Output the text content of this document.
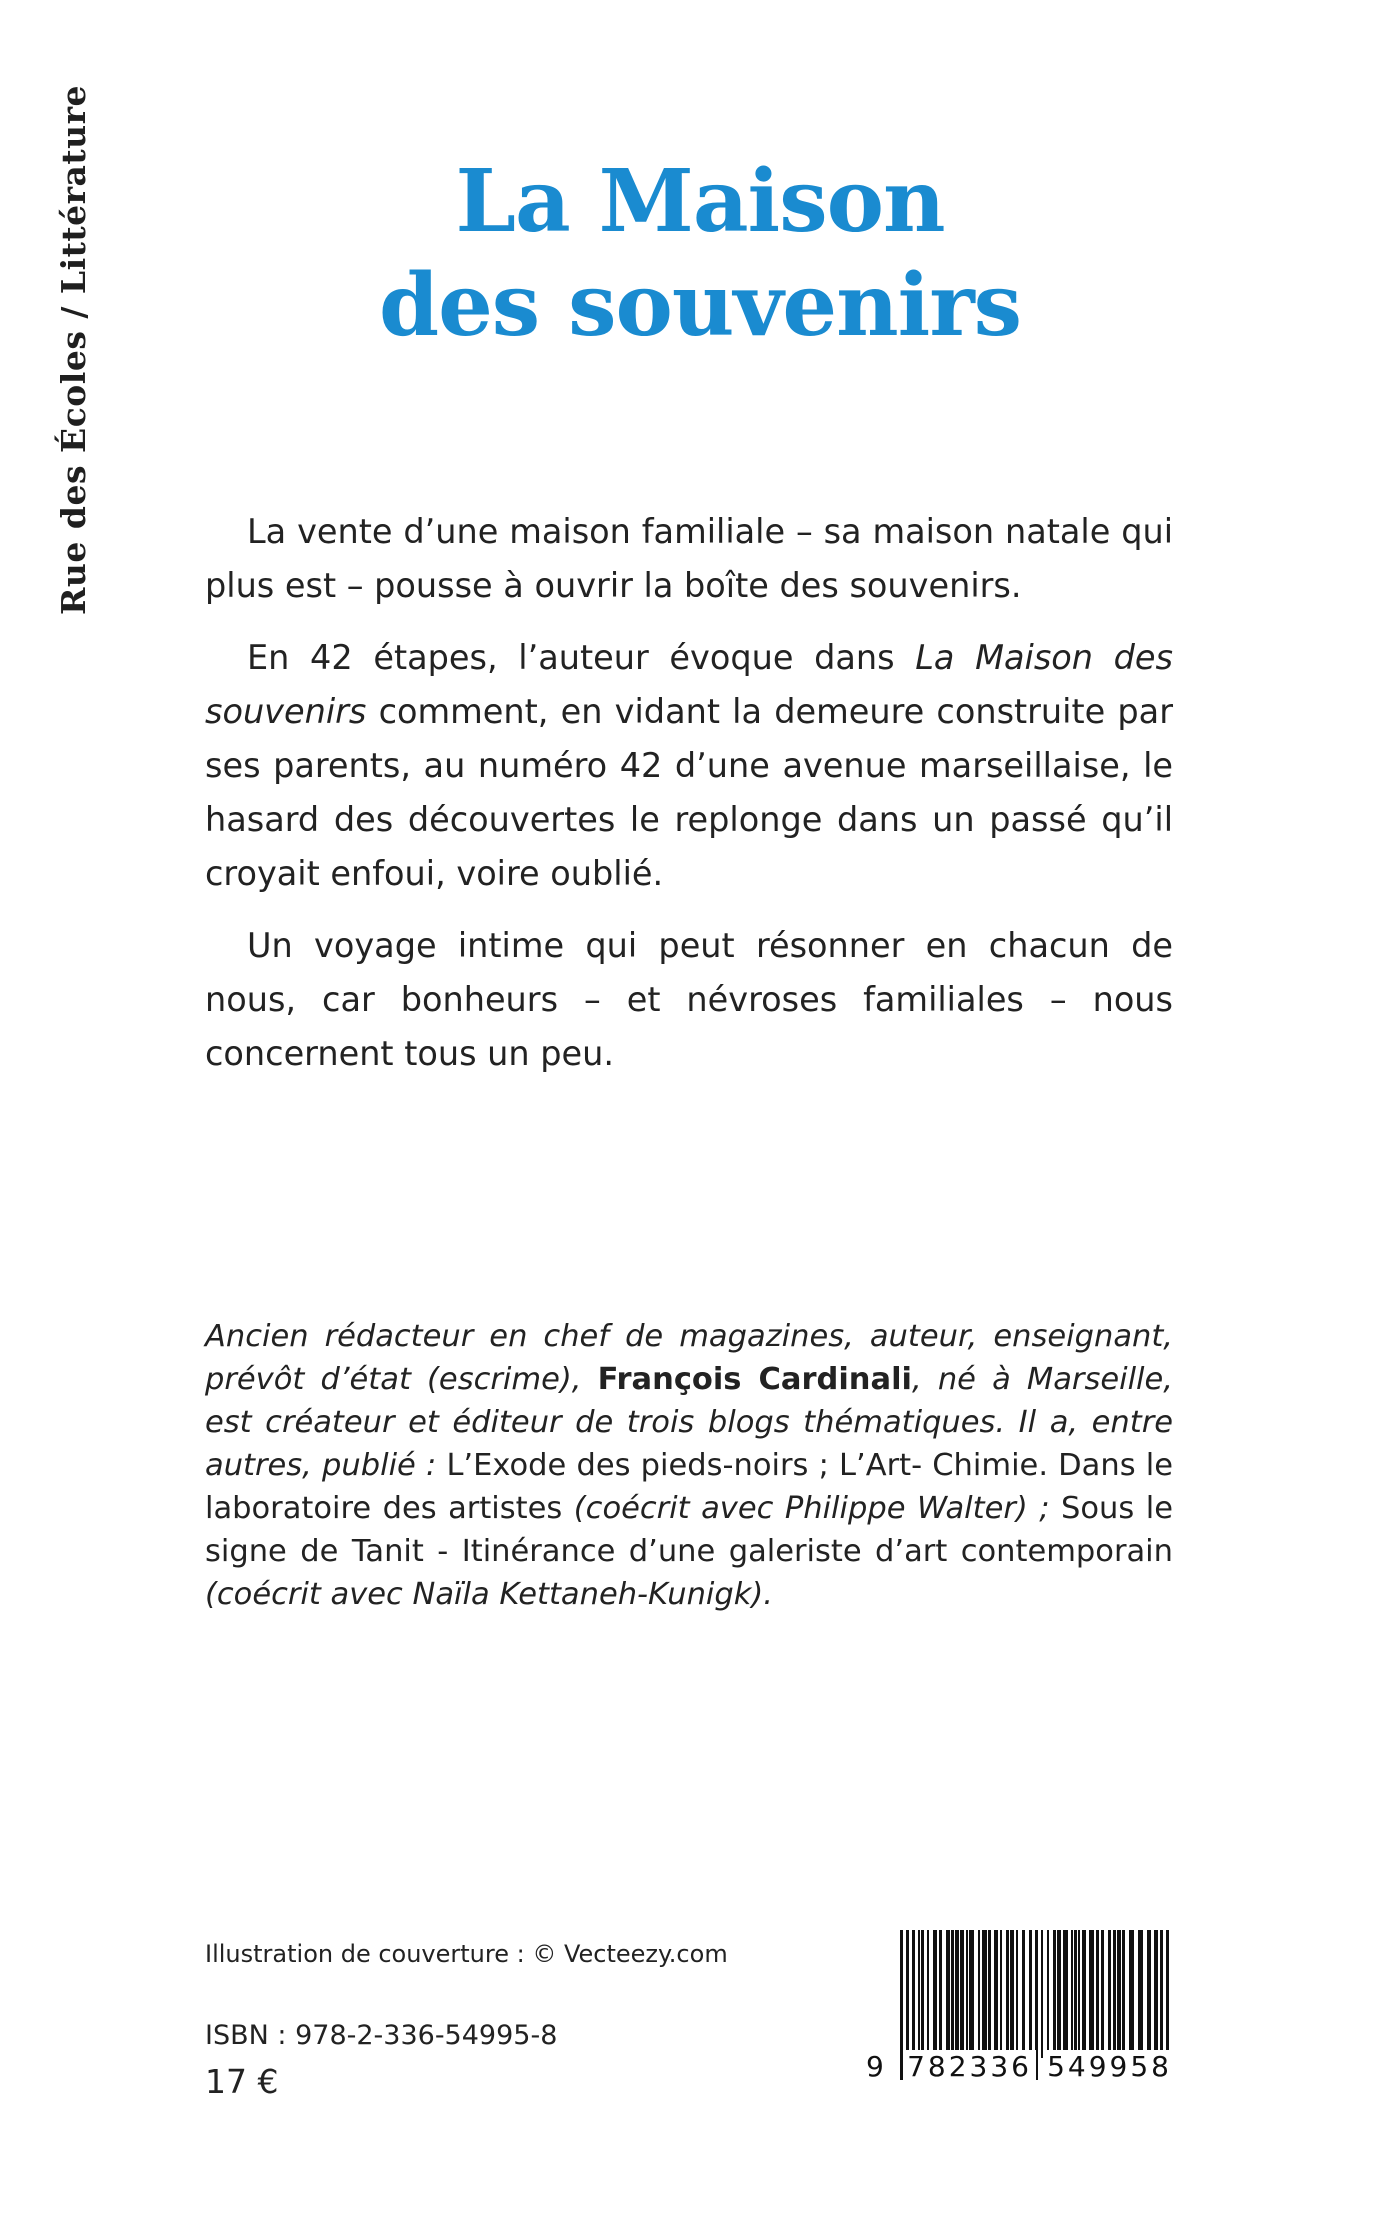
Rue des Écoles / Littérature	La Maison
des souvenirs

La vente d’une maison familiale – sa maison natale qui plus est – pousse à ouvrir la boîte des souvenirs.

En 42 étapes, l’auteur évoque dans La Maison des souvenirs comment, en vidant la demeure construite par ses parents, au numéro 42 d’une avenue marseillaise, le hasard des découvertes le replonge dans un passé qu’il croyait enfoui, voire oublié.

Un voyage intime qui peut résonner en chacun de nous, car bonheurs – et névroses familiales – nous concernent tous un peu.

Ancien rédacteur en chef de magazines, auteur, enseignant, prévôt d’état (escrime), François Cardinali, né à Marseille, est créateur et éditeur de trois blogs thématiques. Il a, entre autres, publié : L’Exode des pieds-noirs ; L’Art- Chimie. Dans le laboratoire des artistes (coécrit avec Philippe Walter) ; Sous le signe de Tanit - Itinérance d’une galeriste d’art contemporain (coécrit avec Naïla Kettaneh-Kunigk).

Illustration de couverture : © Vecteezy.com
ISBN : 978-2-336-54995-8
17 €	9 782336 549958
